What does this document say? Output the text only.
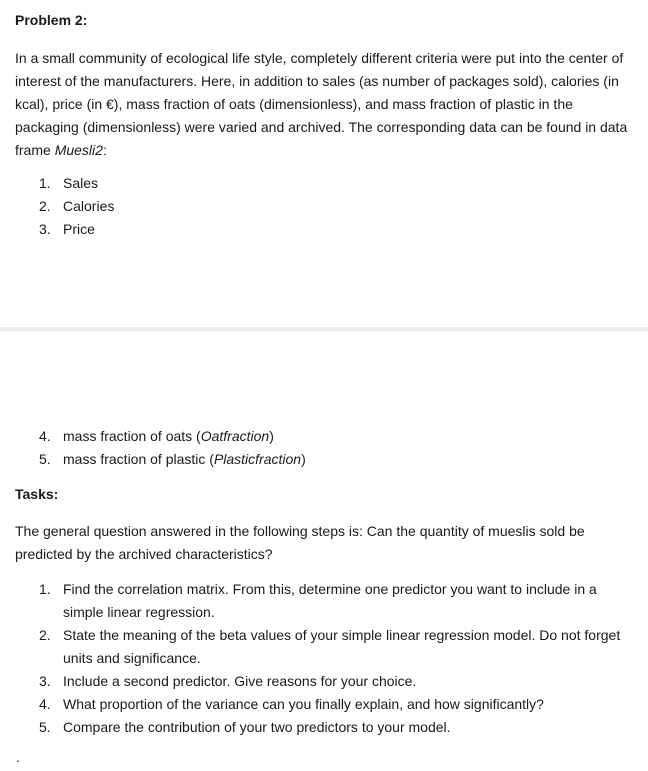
Problem 2:

In a small community of ecological life style, completely different criteria were put into the center of interest of the manufacturers. Here, in addition to sales (as number of packages sold), calories (in kcal), price (in €), mass fraction of oats (dimensionless), and mass fraction of plastic in the packaging (dimensionless) were varied and archived. The corresponding data can be found in data frame Muesli2:

1. Sales
2. Calories
3. Price
4. mass fraction of oats (Oatfraction)
5. mass fraction of plastic (Plasticfraction)
Tasks:

The general question answered in the following steps is: Can the quantity of mueslis sold be predicted by the archived characteristics?

1. Find the correlation matrix. From this, determine one predictor you want to include in a simple linear regression.
2. State the meaning of the beta values of your simple linear regression model. Do not forget units and significance.
3. Include a second predictor. Give reasons for your choice.
4. What proportion of the variance can you finally explain, and how significantly?
5. Compare the contribution of your two predictors to your model.
.
